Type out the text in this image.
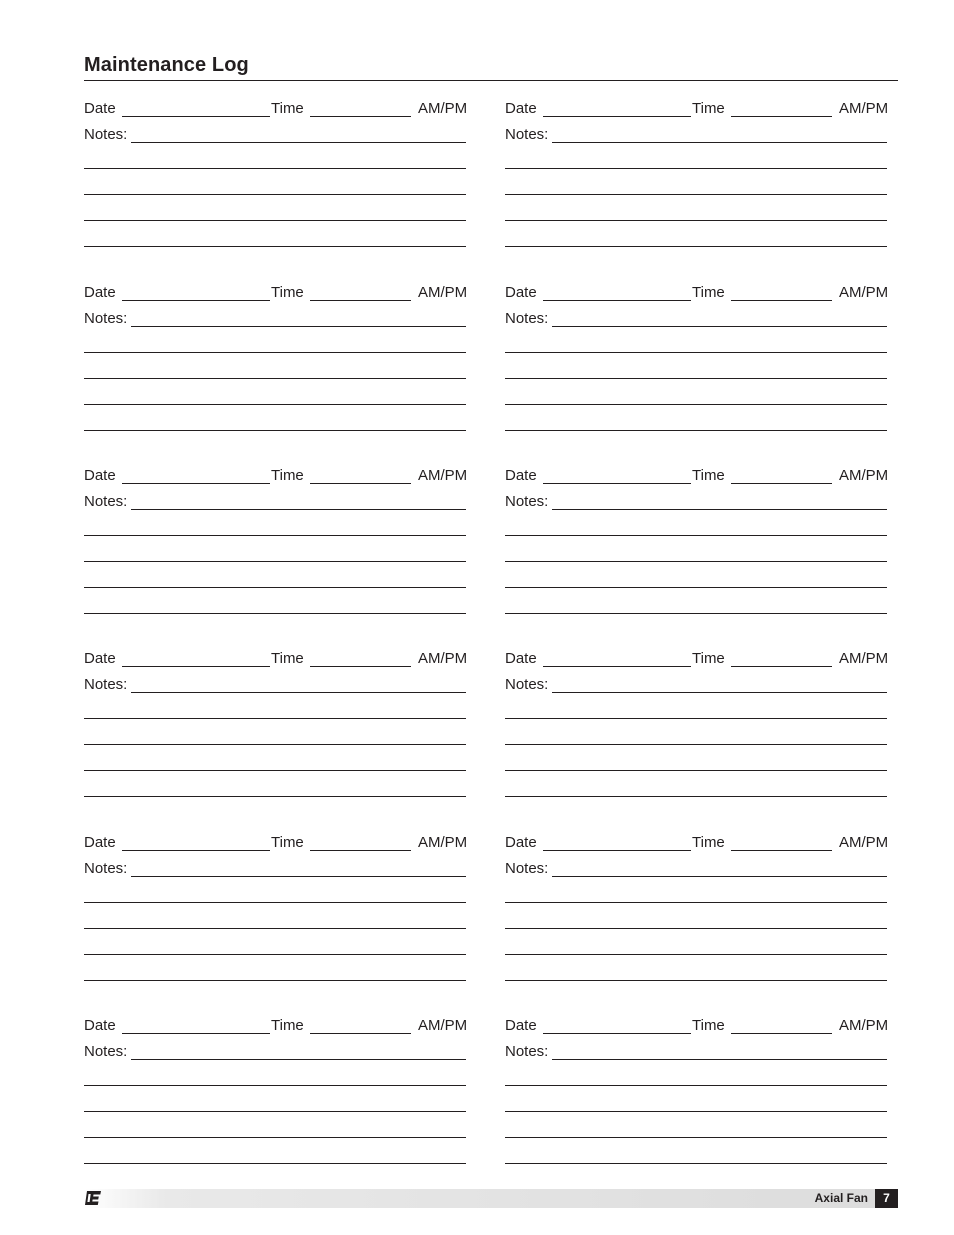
Maintenance Log
Date	Time	AM/PM
Notes:
Date	Time	AM/PM
Notes:
Date	Time	AM/PM
Notes:
Date	Time	AM/PM
Notes:
Date	Time	AM/PM
Notes:
Date	Time	AM/PM
Notes:
Date	Time	AM/PM
Notes:
Date	Time	AM/PM
Notes:
Date	Time	AM/PM
Notes:
Date	Time	AM/PM
Notes:
Date	Time	AM/PM
Notes:
Date	Time	AM/PM
Notes:
Axial Fan	7
